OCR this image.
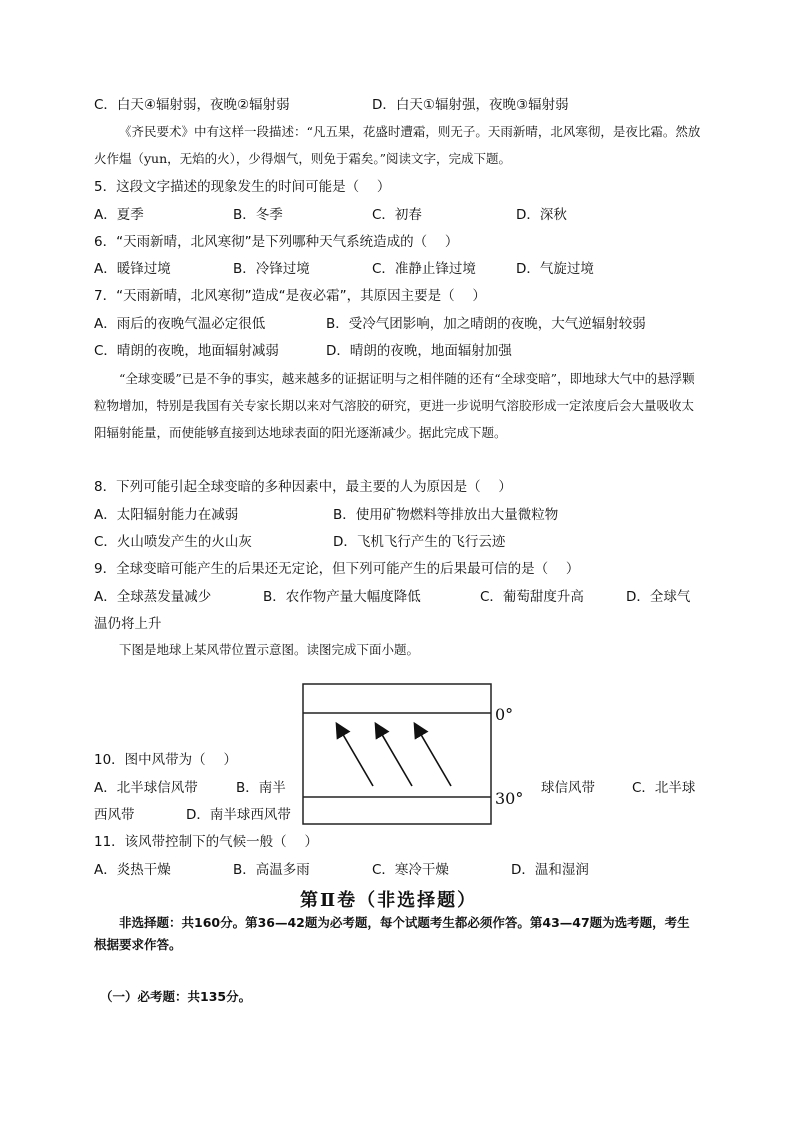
C．白天④辐射弱，夜晚②辐射弱	D．白天①辐射强，夜晚③辐射弱
《齐民要术》中有这样一段描述：“凡五果，花盛时遭霜，则无子。天雨新晴，北风寒彻，是夜比霜。然放火作煴（yun，无焰的火），少得烟气，则免于霜矣。”阅读文字，完成下题。
5．这段文字描述的现象发生的时间可能是（　 ）
A．夏季	B．冬季	C．初春	D．深秋
6．“天雨新晴，北风寒彻”是下列哪种天气系统造成的（　 ）
A．暖锋过境	B．冷锋过境	C．准静止锋过境	D．气旋过境
7．“天雨新晴，北风寒彻”造成“是夜必霜”，其原因主要是（　 ）
A．雨后的夜晚气温必定很低	B．受冷气团影响，加之晴朗的夜晚，大气逆辐射较弱
C．晴朗的夜晚，地面辐射减弱	D．晴朗的夜晚，地面辐射加强
“全球变暖”已是不争的事实，越来越多的证据证明与之相伴随的还有“全球变暗”，即地球大气中的悬浮颗粒物增加，特别是我国有关专家长期以来对气溶胶的研究，更进一步说明气溶胶形成一定浓度后会大量吸收太阳辐射能量，而使能够直接到达地球表面的阳光逐渐减少。据此完成下题。
8．下列可能引起全球变暗的多种因素中，最主要的人为原因是（　 ）
A．太阳辐射能力在减弱	B．使用矿物燃料等排放出大量微粒物
C．火山喷发产生的火山灰	D．飞机飞行产生的飞行云迹
9．全球变暗可能产生的后果还无定论，但下列可能产生的后果最可信的是（　 ）
A．全球蒸发量减少	B．农作物产量大幅度降低	C．葡萄甜度升高	D．全球气
温仍将上升
下图是地球上某风带位置示意图。读图完成下面小题。
0°
30°
10．图中风带为（　 ）
A．北半球信风带	B．南半	球信风带	C．北半球
西风带	D．南半球西风带
11．该风带控制下的气候一般（　 ）
A．炎热干燥	B．高温多雨	C．寒冷干燥	D．温和湿润
第Ⅱ卷（非选择题）
非选择题：共160分。第36—42题为必考题，每个试题考生都必须作答。第43—47题为选考题，考生根据要求作答。
（一）必考题：共135分。
